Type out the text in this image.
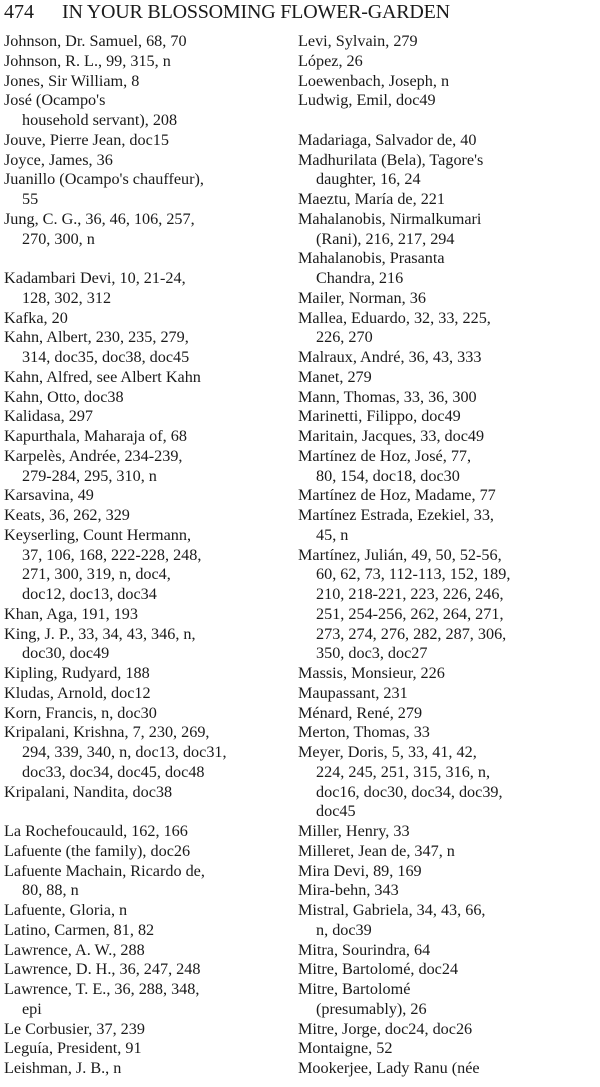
474 IN YOUR BLOSSOMING FLOWER-GARDEN
Johnson, Dr. Samuel, 68, 70
Johnson, R. L., 99, 315, n
Jones, Sir William, 8
José (Ocampo's
household servant), 208
Jouve, Pierre Jean, doc15
Joyce, James, 36
Juanillo (Ocampo's chauffeur),
55
Jung, C. G., 36, 46, 106, 257,
270, 300, n
Kadambari Devi, 10, 21-24,
128, 302, 312
Kafka, 20
Kahn, Albert, 230, 235, 279,
314, doc35, doc38, doc45
Kahn, Alfred, see Albert Kahn
Kahn, Otto, doc38
Kalidasa, 297
Kapurthala, Maharaja of, 68
Karpelès, Andrée, 234-239,
279-284, 295, 310, n
Karsavina, 49
Keats, 36, 262, 329
Keyserling, Count Hermann,
37, 106, 168, 222-228, 248,
271, 300, 319, n, doc4,
doc12, doc13, doc34
Khan, Aga, 191, 193
King, J. P., 33, 34, 43, 346, n,
doc30, doc49
Kipling, Rudyard, 188
Kludas, Arnold, doc12
Korn, Francis, n, doc30
Kripalani, Krishna, 7, 230, 269,
294, 339, 340, n, doc13, doc31,
doc33, doc34, doc45, doc48
Kripalani, Nandita, doc38
La Rochefoucauld, 162, 166
Lafuente (the family), doc26
Lafuente Machain, Ricardo de,
80, 88, n
Lafuente, Gloria, n
Latino, Carmen, 81, 82
Lawrence, A. W., 288
Lawrence, D. H., 36, 247, 248
Lawrence, T. E., 36, 288, 348,
epi
Le Corbusier, 37, 239
Leguía, President, 91
Leishman, J. B., n
Levi, Sylvain, 279
López, 26
Loewenbach, Joseph, n
Ludwig, Emil, doc49
Madariaga, Salvador de, 40
Madhurilata (Bela), Tagore's
daughter, 16, 24
Maeztu, María de, 221
Mahalanobis, Nirmalkumari
(Rani), 216, 217, 294
Mahalanobis, Prasanta
Chandra, 216
Mailer, Norman, 36
Mallea, Eduardo, 32, 33, 225,
226, 270
Malraux, André, 36, 43, 333
Manet, 279
Mann, Thomas, 33, 36, 300
Marinetti, Filippo, doc49
Maritain, Jacques, 33, doc49
Martínez de Hoz, José, 77,
80, 154, doc18, doc30
Martínez de Hoz, Madame, 77
Martínez Estrada, Ezekiel, 33,
45, n
Martínez, Julián, 49, 50, 52-56,
60, 62, 73, 112-113, 152, 189,
210, 218-221, 223, 226, 246,
251, 254-256, 262, 264, 271,
273, 274, 276, 282, 287, 306,
350, doc3, doc27
Massis, Monsieur, 226
Maupassant, 231
Ménard, René, 279
Merton, Thomas, 33
Meyer, Doris, 5, 33, 41, 42,
224, 245, 251, 315, 316, n,
doc16, doc30, doc34, doc39,
doc45
Miller, Henry, 33
Milleret, Jean de, 347, n
Mira Devi, 89, 169
Mira-behn, 343
Mistral, Gabriela, 34, 43, 66,
n, doc39
Mitra, Sourindra, 64
Mitre, Bartolomé, doc24
Mitre, Bartolomé
(presumably), 26
Mitre, Jorge, doc24, doc26
Montaigne, 52
Mookerjee, Lady Ranu (née
